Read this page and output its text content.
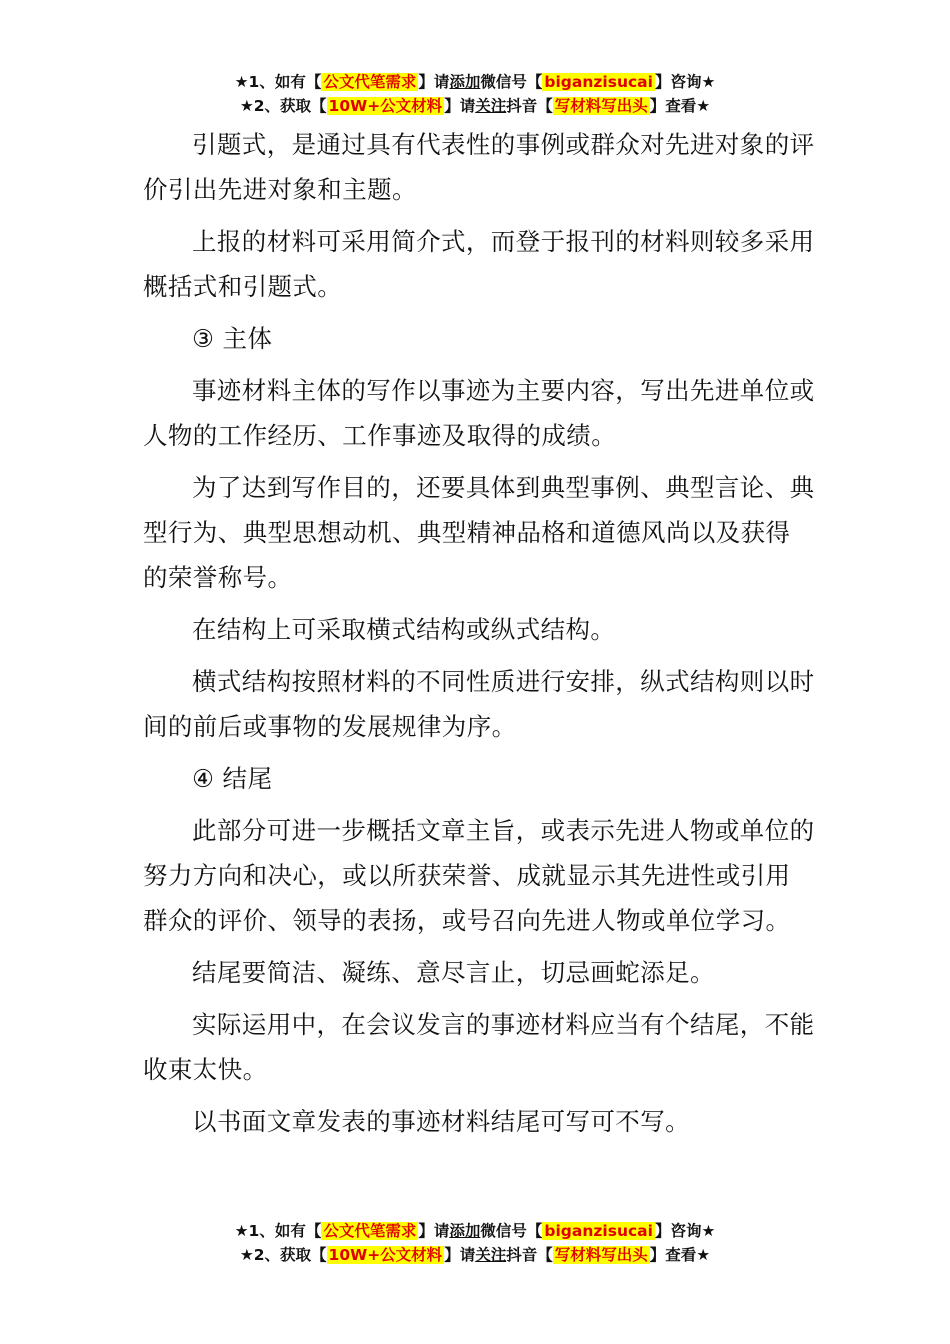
★1、如有【 公文代笔需求 】请添加微信号【 biganzisucai 】咨询★
★2、获取【 10W+公文材料 】请关注抖音【 写材料写出头 】查看★

引题式，是通过具有代表性的事例或群众对先进对象的评价引出先进对象和主题。

上报的材料可采用简介式，而登于报刊的材料则较多采用概括式和引题式。

③ 主体

事迹材料主体的写作以事迹为主要内容，写出先进单位或人物的工作经历、工作事迹及取得的成绩。

为了达到写作目的，还要具体到典型事例、典型言论、典型行为、典型思想动机、典型精神品格和道德风尚以及获得的荣誉称号。

在结构上可采取横式结构或纵式结构。

横式结构按照材料的不同性质进行安排，纵式结构则以时间的前后或事物的发展规律为序。

④ 结尾

此部分可进一步概括文章主旨，或表示先进人物或单位的努力方向和决心，或以所获荣誉、成就显示其先进性或引用群众的评价、领导的表扬，或号召向先进人物或单位学习。

结尾要简洁、凝练、意尽言止，切忌画蛇添足。

实际运用中，在会议发言的事迹材料应当有个结尾，不能收束太快。

以书面文章发表的事迹材料结尾可写可不写。

★1、如有【 公文代笔需求 】请添加微信号【 biganzisucai 】咨询★
★2、获取【 10W+公文材料 】请关注抖音【 写材料写出头 】查看★
